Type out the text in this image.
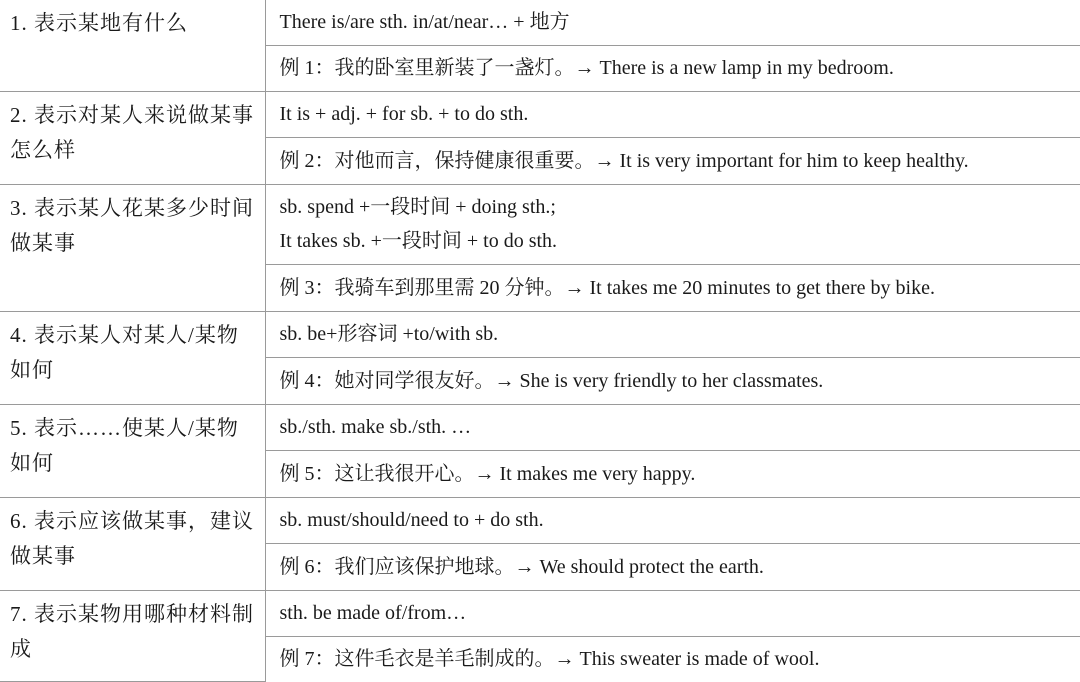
1. 表示某地有什么	There is/are sth. in/at/near… + 地方

	例 1：我的卧室里新装了一盏灯。→ There is a new lamp in my bedroom.
2. 表示对某人来说做某事怎么样	It is + adj. + for sb. + to do sth.

	例 2：对他而言，保持健康很重要。→ It is very important for him to keep healthy.
3. 表示某人花某多少时间做某事	sb. spend +一段时间 + doing sth.;
It takes sb. +一段时间 + to do sth.

	例 3：我骑车到那里需 20 分钟。→ It takes me 20 minutes to get there by bike.
4. 表示某人对某人/某物如何	sb. be+形容词 +to/with sb.

	例 4：她对同学很友好。→ She is very friendly to her classmates.
5. 表示……使某人/某物如何	sb./sth. make sb./sth. …

	例 5：这让我很开心。→ It makes me very happy.
6. 表示应该做某事，建议做某事	sb. must/should/need to + do sth.

	例 6：我们应该保护地球。→ We should protect the earth.
7. 表示某物用哪种材料制成	sth. be made of/from…

	例 7：这件毛衣是羊毛制成的。→ This sweater is made of wool.
